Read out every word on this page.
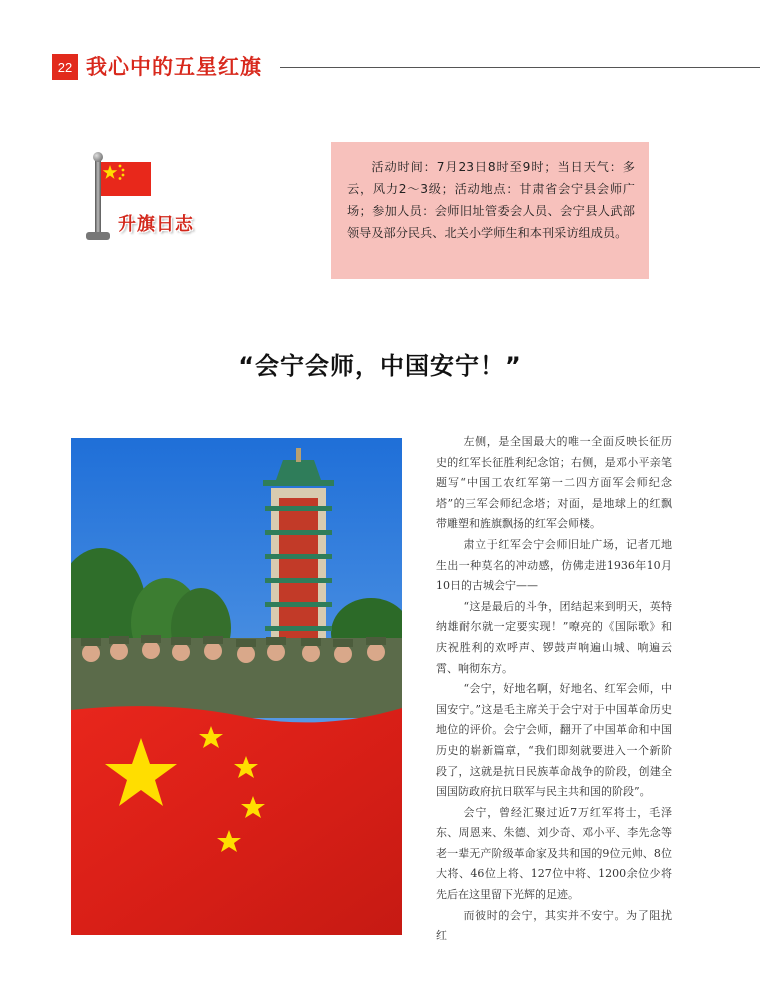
22 我心中的五星红旗
升旗日志
活动时间：7月23日8时至9时；当日天气：多云，风力2～3级；活动地点：甘肃省会宁县会师广场；参加人员：会师旧址管委会人员、会宁县人武部领导及部分民兵、北关小学师生和本刊采访组成员。
“会宁会师，中国安宁！”

左侧，是全国最大的唯一全面反映长征历史的红军长征胜利纪念馆；右侧，是邓小平亲笔题写“中国工农红军第一二四方面军会师纪念塔”的三军会师纪念塔；对面，是地球上的红飘带雕塑和旌旗飘扬的红军会师楼。

肃立于红军会宁会师旧址广场，记者兀地生出一种莫名的冲动感，仿佛走进1936年10月10日的古城会宁——

“这是最后的斗争，团结起来到明天，英特纳雄耐尔就一定要实现！”嘹亮的《国际歌》和庆祝胜利的欢呼声、锣鼓声响遍山城、响遍云霄、响彻东方。

“会宁，好地名啊，好地名、红军会师，中国安宁。”这是毛主席关于会宁对于中国革命历史地位的评价。会宁会师，翻开了中国革命和中国历史的崭新篇章，“我们即刻就要进入一个新阶段了，这就是抗日民族革命战争的阶段，创建全国国防政府抗日联军与民主共和国的阶段”。

会宁，曾经汇聚过近7万红军将士，毛泽东、周恩来、朱德、刘少奇、邓小平、李先念等老一辈无产阶级革命家及共和国的9位元帅、8位大将、46位上将、127位中将、1200余位少将先后在这里留下光辉的足迹。

而彼时的会宁，其实并不安宁。为了阻扰红
